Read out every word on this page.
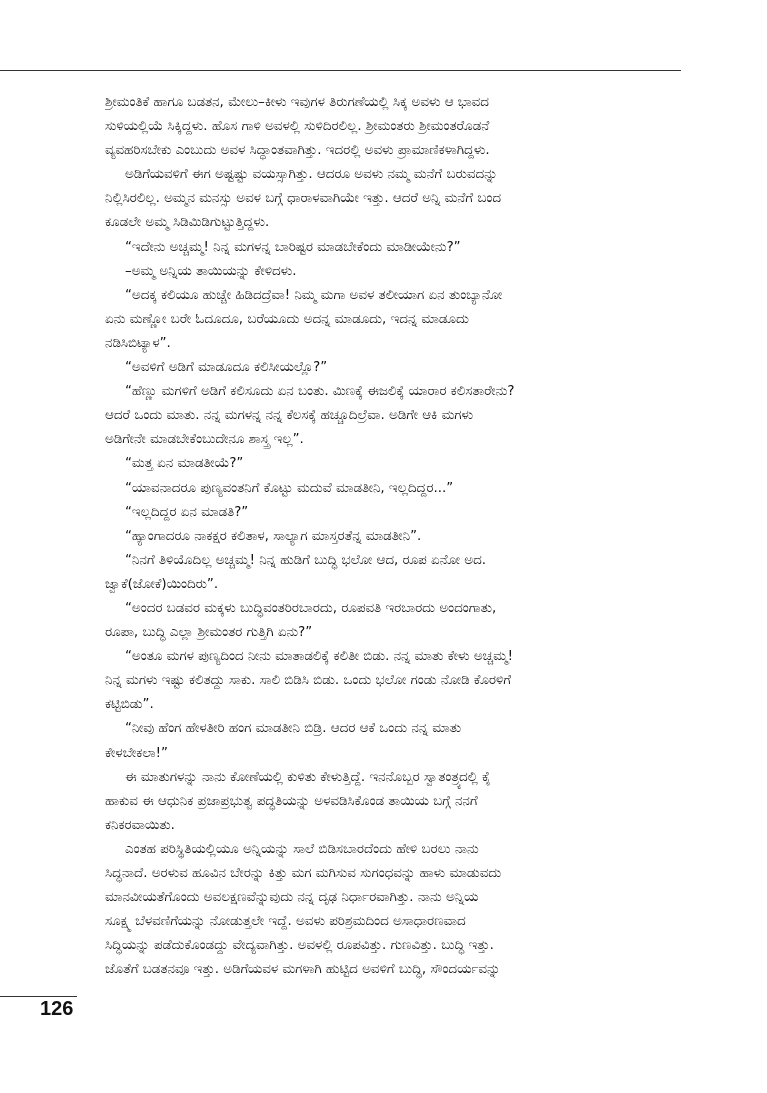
ಶ್ರೀಮಂತಿಕೆ ಹಾಗೂ ಬಡತನ, ಮೇಲು–ಕೀಳು ಇವುಗಳ ತಿರುಗಣೆಯಲ್ಲಿ ಸಿಕ್ಕ ಅವಳು ಆ ಭಾವದ
ಸುಳಿಯಲ್ಲಿಯೆ ಸಿಕ್ಕಿದ್ದಳು. ಹೊಸ ಗಾಳಿ ಅವಳಲ್ಲಿ ಸುಳಿದಿರಲಿಲ್ಲ. ಶ್ರೀಮಂತರು ಶ್ರೀಮಂತರೊಡನೆ
ವ್ಯವಹರಿಸಬೇಕು ಎಂಬುದು ಅವಳ ಸಿದ್ಧಾಂತವಾಗಿತ್ತು. ಇದರಲ್ಲಿ ಅವಳು ಪ್ರಾಮಾಣಿಕಳಾಗಿದ್ದಳು.
ಅಡಿಗೆಯವಳಿಗೆ ಈಗ ಅಷ್ಟಷ್ಟು ವಯಸ್ಸಾಗಿತ್ತು. ಆದರೂ ಅವಳು ನಮ್ಮ ಮನೆಗೆ ಬರುವದನ್ನು
ನಿಲ್ಲಿಸಿರಲಿಲ್ಲ. ಅಮ್ಮನ ಮನಸ್ಸು ಅವಳ ಬಗ್ಗೆ ಧಾರಾಳವಾಗಿಯೇ ಇತ್ತು. ಆದರೆ ಅನ್ನಿ ಮನೆಗೆ ಬಂದ
ಕೂಡಲೇ ಅಮ್ಮ ಸಿಡಿಮಿಡಿಗುಟ್ಟುತ್ತಿದ್ದಳು.
“ಇದೇನು ಅಚ್ಚಮ್ಮ! ನಿನ್ನ ಮಗಳನ್ನ ಬಾರಿಷ್ಟರ ಮಾಡಬೇಕೆಂದು ಮಾಡೀಯೇನು?”
–ಅಮ್ಮ ಅನ್ನಿಯ ತಾಯಿಯನ್ನು ಕೇಳಿದಳು.
“ಅದಕ್ಕ ಕಲಿಯೂ ಹುಚ್ಚೇ ಹಿಡಿದದ್ರೆವಾ! ನಿಮ್ಮ ಮಗಾ ಅವಳ ತಲೀಯಾಗ ಏನ ತುಂಬ್ಯಾನೋ
ಏನು ಮಣ್ಣೋ ಬರೇ ಓದೂದೂ, ಬರೆಯೂದು ಅದನ್ನ ಮಾಡೂದು, ಇದನ್ನ ಮಾಡೂದು
ನಡಿಸಿಬಿಟ್ಯಾಳ”.
“ಅವಳಿಗೆ ಅಡಿಗೆ ಮಾಡೂದೂ ಕಲಿಸೀಯಲ್ಲೊ?”
“ಹೆಣ್ಣು ಮಗಳಿಗೆ ಅಡಿಗೆ ಕಲಿಸೂದು ಏನ ಬಂತು. ಮಿಣಕ್ಕೆ ಈಜಲಿಕ್ಕೆ ಯಾರಾರ ಕಲಿಸತಾರೇನು?
ಆದರೆ ಒಂದು ಮಾತು. ನನ್ನ ಮಗಳನ್ನ ನನ್ನ ಕೆಲಸಕ್ಕೆ ಹಚ್ಚೂದಿಲ್ರೆವಾ. ಅಡಿಗೇ ಆಕಿ ಮಗಳು
ಅಡಿಗೇನೇ ಮಾಡಬೇಕೆಂಬುದೇನೂ ಶಾಸ್ತ್ರ ಇಲ್ಲ”.
“ಮತ್ತ ಏನ ಮಾಡತೀಯೆ?”
“ಯಾವನಾದರೂ ಪುಣ್ಯವಂತನಿಗೆ ಕೊಟ್ಟು ಮದುವೆ ಮಾಡತೀನಿ, ಇಲ್ಲದಿದ್ದರ...”
“ಇಲ್ಲದಿದ್ದರ ಏನ ಮಾಡತಿ?”
“ಹ್ಯಾಂಗಾದರೂ ನಾಕಕ್ಷರ ಕಲಿತಾಳ, ಸಾಲ್ಯಾಗ ಮಾಸ್ತರತೆನ್ನ ಮಾಡತೀನಿ”.
“ನಿನಗೆ ತಿಳಿಯೊದಿಲ್ಲ ಅಚ್ಚಮ್ಮ! ನಿನ್ನ ಹುಡಿಗೆ ಬುದ್ಧಿ ಭಲೋ ಆದ, ರೂಪ ಏನೋ ಅದ.
ಜ್ವಾಕೆ(ಜೋಕೆ)ಯಿಂದಿರು”.
“ಅಂದರ ಬಡವರ ಮಕ್ಕಳು ಬುದ್ಧಿವಂತರಿರಬಾರದು, ರೂಪವತಿ ಇರಬಾರದು ಅಂದಂಗಾತು,
ರೂಪಾ, ಬುದ್ಧಿ ಎಲ್ಲಾ ಶ್ರೀಮಂತರ ಗುತ್ತಿಗಿ ಏನು?”
“ಅಂತೂ ಮಗಳ ಪುಣ್ಯದಿಂದ ನೀನು ಮಾತಾಡಲಿಕ್ಕೆ ಕಲಿತೀ ಬಿಡು. ನನ್ನ ಮಾತು ಕೇಳು ಅಚ್ಚಮ್ಮ!
ನಿನ್ನ ಮಗಳು ಇಷ್ಟು ಕಲಿತದ್ದು ಸಾಕು. ಸಾಲಿ ಬಿಡಿಸಿ ಬಿಡು. ಒಂದು ಭಲೋ ಗಂಡು ನೋಡಿ ಕೊರಳಿಗೆ
ಕಟ್ಟಿಬಿಡು”.
“ನೀವು ಹೆಂಗ ಹೇಳತೀರಿ ಹಂಗ ಮಾಡತೀನಿ ಬಿಡ್ರಿ. ಆದರ ಆಕೆ ಒಂದು ನನ್ನ ಮಾತು
ಕೇಳಬೇಕಲಾ!”
ಈ ಮಾತುಗಳನ್ನು ನಾನು ಕೋಣೆಯಲ್ಲಿ ಕುಳಿತು ಕೇಳುತ್ತಿದ್ದೆ. ಇನನೊಬ್ಬರ ಸ್ವಾತಂತ್ರ್ಯದಲ್ಲಿ ಕೈ
ಹಾಕುವ ಈ ಆಧುನಿಕ ಪ್ರಜಾಪ್ರಭುತ್ವ ಪದ್ಧತಿಯನ್ನು ಅಳವಡಿಸಿಕೊಂಡ ತಾಯಿಯ ಬಗ್ಗೆ ನನಗೆ
ಕನಿಕರವಾಯಿತು.
ಎಂತಹ ಪರಿಸ್ಥಿತಿಯಲ್ಲಿಯೂ ಅನ್ನಿಯನ್ನು ಸಾಲೆ ಬಿಡಿಸಬಾರದೆಂದು ಹೇಳಿ ಬರಲು ನಾನು
ಸಿದ್ಧನಾದೆ. ಅರಳುವ ಹೂವಿನ ಬೇರನ್ನು ಕಿತ್ತು ಮಗ ಮಗಿಸುವ ಸುಗಂಧವನ್ನು ಹಾಳು ಮಾಡುವದು
ಮಾನವೀಯತೆಗೊಂದು ಅವಲಕ್ಷಣವೆನ್ನುವುದು ನನ್ನ ದೃಢ ನಿರ್ಧಾರವಾಗಿತ್ತು. ನಾನು ಅನ್ನಿಯ
ಸೂಕ್ಷ್ಮ ಬೆಳವಣಿಗೆಯನ್ನು ನೋಡುತ್ತಲೇ ಇದ್ದೆ. ಅವಳು ಪರಿಶ್ರಮದಿಂದ ಅಸಾಧಾರಣವಾದ
ಸಿದ್ಧಿಯನ್ನು ಪಡೆದುಕೊಂಡದ್ದು ವೇದ್ಯವಾಗಿತ್ತು. ಅವಳಲ್ಲಿ ರೂಪವಿತ್ತು. ಗುಣವಿತ್ತು. ಬುದ್ಧಿ ಇತ್ತು.
ಜೊತೆಗೆ ಬಡತನವೂ ಇತ್ತು. ಅಡಿಗೆಯವಳ ಮಗಳಾಗಿ ಹುಟ್ಟಿದ ಅವಳಿಗೆ ಬುದ್ಧಿ, ಸೌಂದರ್ಯವನ್ನು
126
